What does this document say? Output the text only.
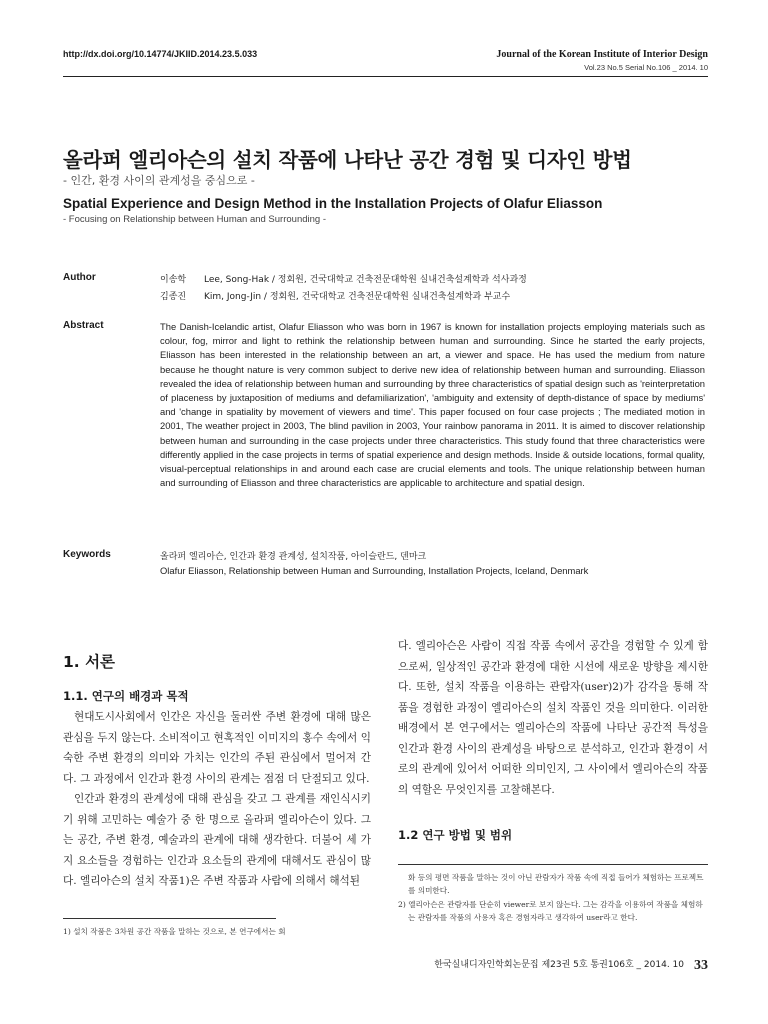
http://dx.doi.org/10.14774/JKIID.2014.23.5.033	Journal of the Korean Institute of Interior Design
Vol.23 No.5 Serial No.106 _ 2014. 10
올라퍼 엘리아슨의 설치 작품에 나타난 공간 경험 및 디자인 방법
- 인간, 환경 사이의 관계성을 중심으로 -
Spatial Experience and Design Method in the Installation Projects of Olafur Eliasson
- Focusing on Relationship between Human and Surrounding -
Author	이송학 Lee, Song-Hak / 정회원, 건국대학교 건축전문대학원 실내건축설계학과 석사과정
김종진 Kim, Jong-Jin / 정회원, 건국대학교 건축전문대학원 실내건축설계학과 부교수
Abstract	The Danish-Icelandic artist, Olafur Eliasson who was born in 1967 is known for installation projects employing materials such as colour, fog, mirror and light to rethink the relationship between human and surrounding. Since he started the early projects, Eliasson has been interested in the relationship between an art, a viewer and space. He has used the medium from nature because he thought nature is very common subject to derive new idea of relationship between human and surrounding. Eliasson revealed the idea of relationship between human and surrounding by three characteristics of spatial design such as 'reinterpretation of placeness by juxtaposition of mediums and defamiliarization', 'ambiguity and extensity of depth-distance of space by mediums' and 'change in spatiality by movement of viewers and time'. This paper focused on four case projects ; The mediated motion in 2001, The weather project in 2003, The blind pavilion in 2003, Your rainbow panorama in 2011. It is aimed to discover relationship between human and surrounding in the case projects under three characteristics. This study found that three characteristics were differently applied in the case projects in terms of spatial experience and design methods. Inside & outside locations, formal quality, visual-perceptual relationships in and around each case are crucial elements and tools. The unique relationship between human and surrounding of Eliasson and three characteristics are applicable to architecture and spatial design.
Keywords	올라퍼 엘리아슨, 인간과 환경 관계성, 설치작품, 아이슬란드, 덴마크
Olafur Eliasson, Relationship between Human and Surrounding, Installation Projects, Iceland, Denmark
1. 서론
1.1. 연구의 배경과 목적

현대도시사회에서 인간은 자신을 둘러싼 주변 환경에 대해 많은 관심을 두지 않는다. 소비적이고 현혹적인 이미지의 홍수 속에서 익숙한 주변 환경의 의미와 가치는 인간의 주된 관심에서 멀어져 간다. 그 과정에서 인간과 환경 사이의 관계는 점점 더 단절되고 있다.

인간과 환경의 관계성에 대해 관심을 갖고 그 관계를 재인식시키기 위해 고민하는 예술가 중 한 명으로 올라퍼 엘리아슨이 있다. 그는 공간, 주변 환경, 예술과의 관계에 대해 생각한다. 더불어 세 가지 요소들을 경험하는 인간과 요소들의 관계에 대해서도 관심이 많다. 엘리아슨의 설치 작품1)은 주변 작품과 사람에 의해서 해석된

1) 설치 작품은 3차원 공간 작품을 말하는 것으로, 본 연구에서는 회

다. 엘리아슨은 사람이 직접 작품 속에서 공간을 경험할 수 있게 함으로써, 일상적인 공간과 환경에 대한 시선에 새로운 방향을 제시한다. 또한, 설치 작품을 이용하는 관람자(user)2)가 감각을 통해 작품을 경험한 과정이 엘리아슨의 설치 작품인 것을 의미한다. 이러한 배경에서 본 연구에서는 엘리아슨의 작품에 나타난 공간적 특성을 인간과 환경 사이의 관계성을 바탕으로 분석하고, 인간과 환경이 서로의 관계에 있어서 어떠한 의미인지, 그 사이에서 엘리아슨의 작품의 역할은 무엇인지를 고찰해본다.

1.2 연구 방법 및 범위
화 등의 평면 작품을 말하는 것이 아닌 관람자가 작품 속에 직접 들어가 체험하는 프로젝트를 의미한다.
2) 엘리아슨은 관람자를 단순히 viewer로 보지 않는다. 그는 감각을 이용하여 작품을 체험하는 관람자를 작품의 사용자 혹은 경험자라고 생각하여 user라고 한다.
한국실내디자인학회논문집 제23권 5호 통권106호 _ 2014. 10 33
